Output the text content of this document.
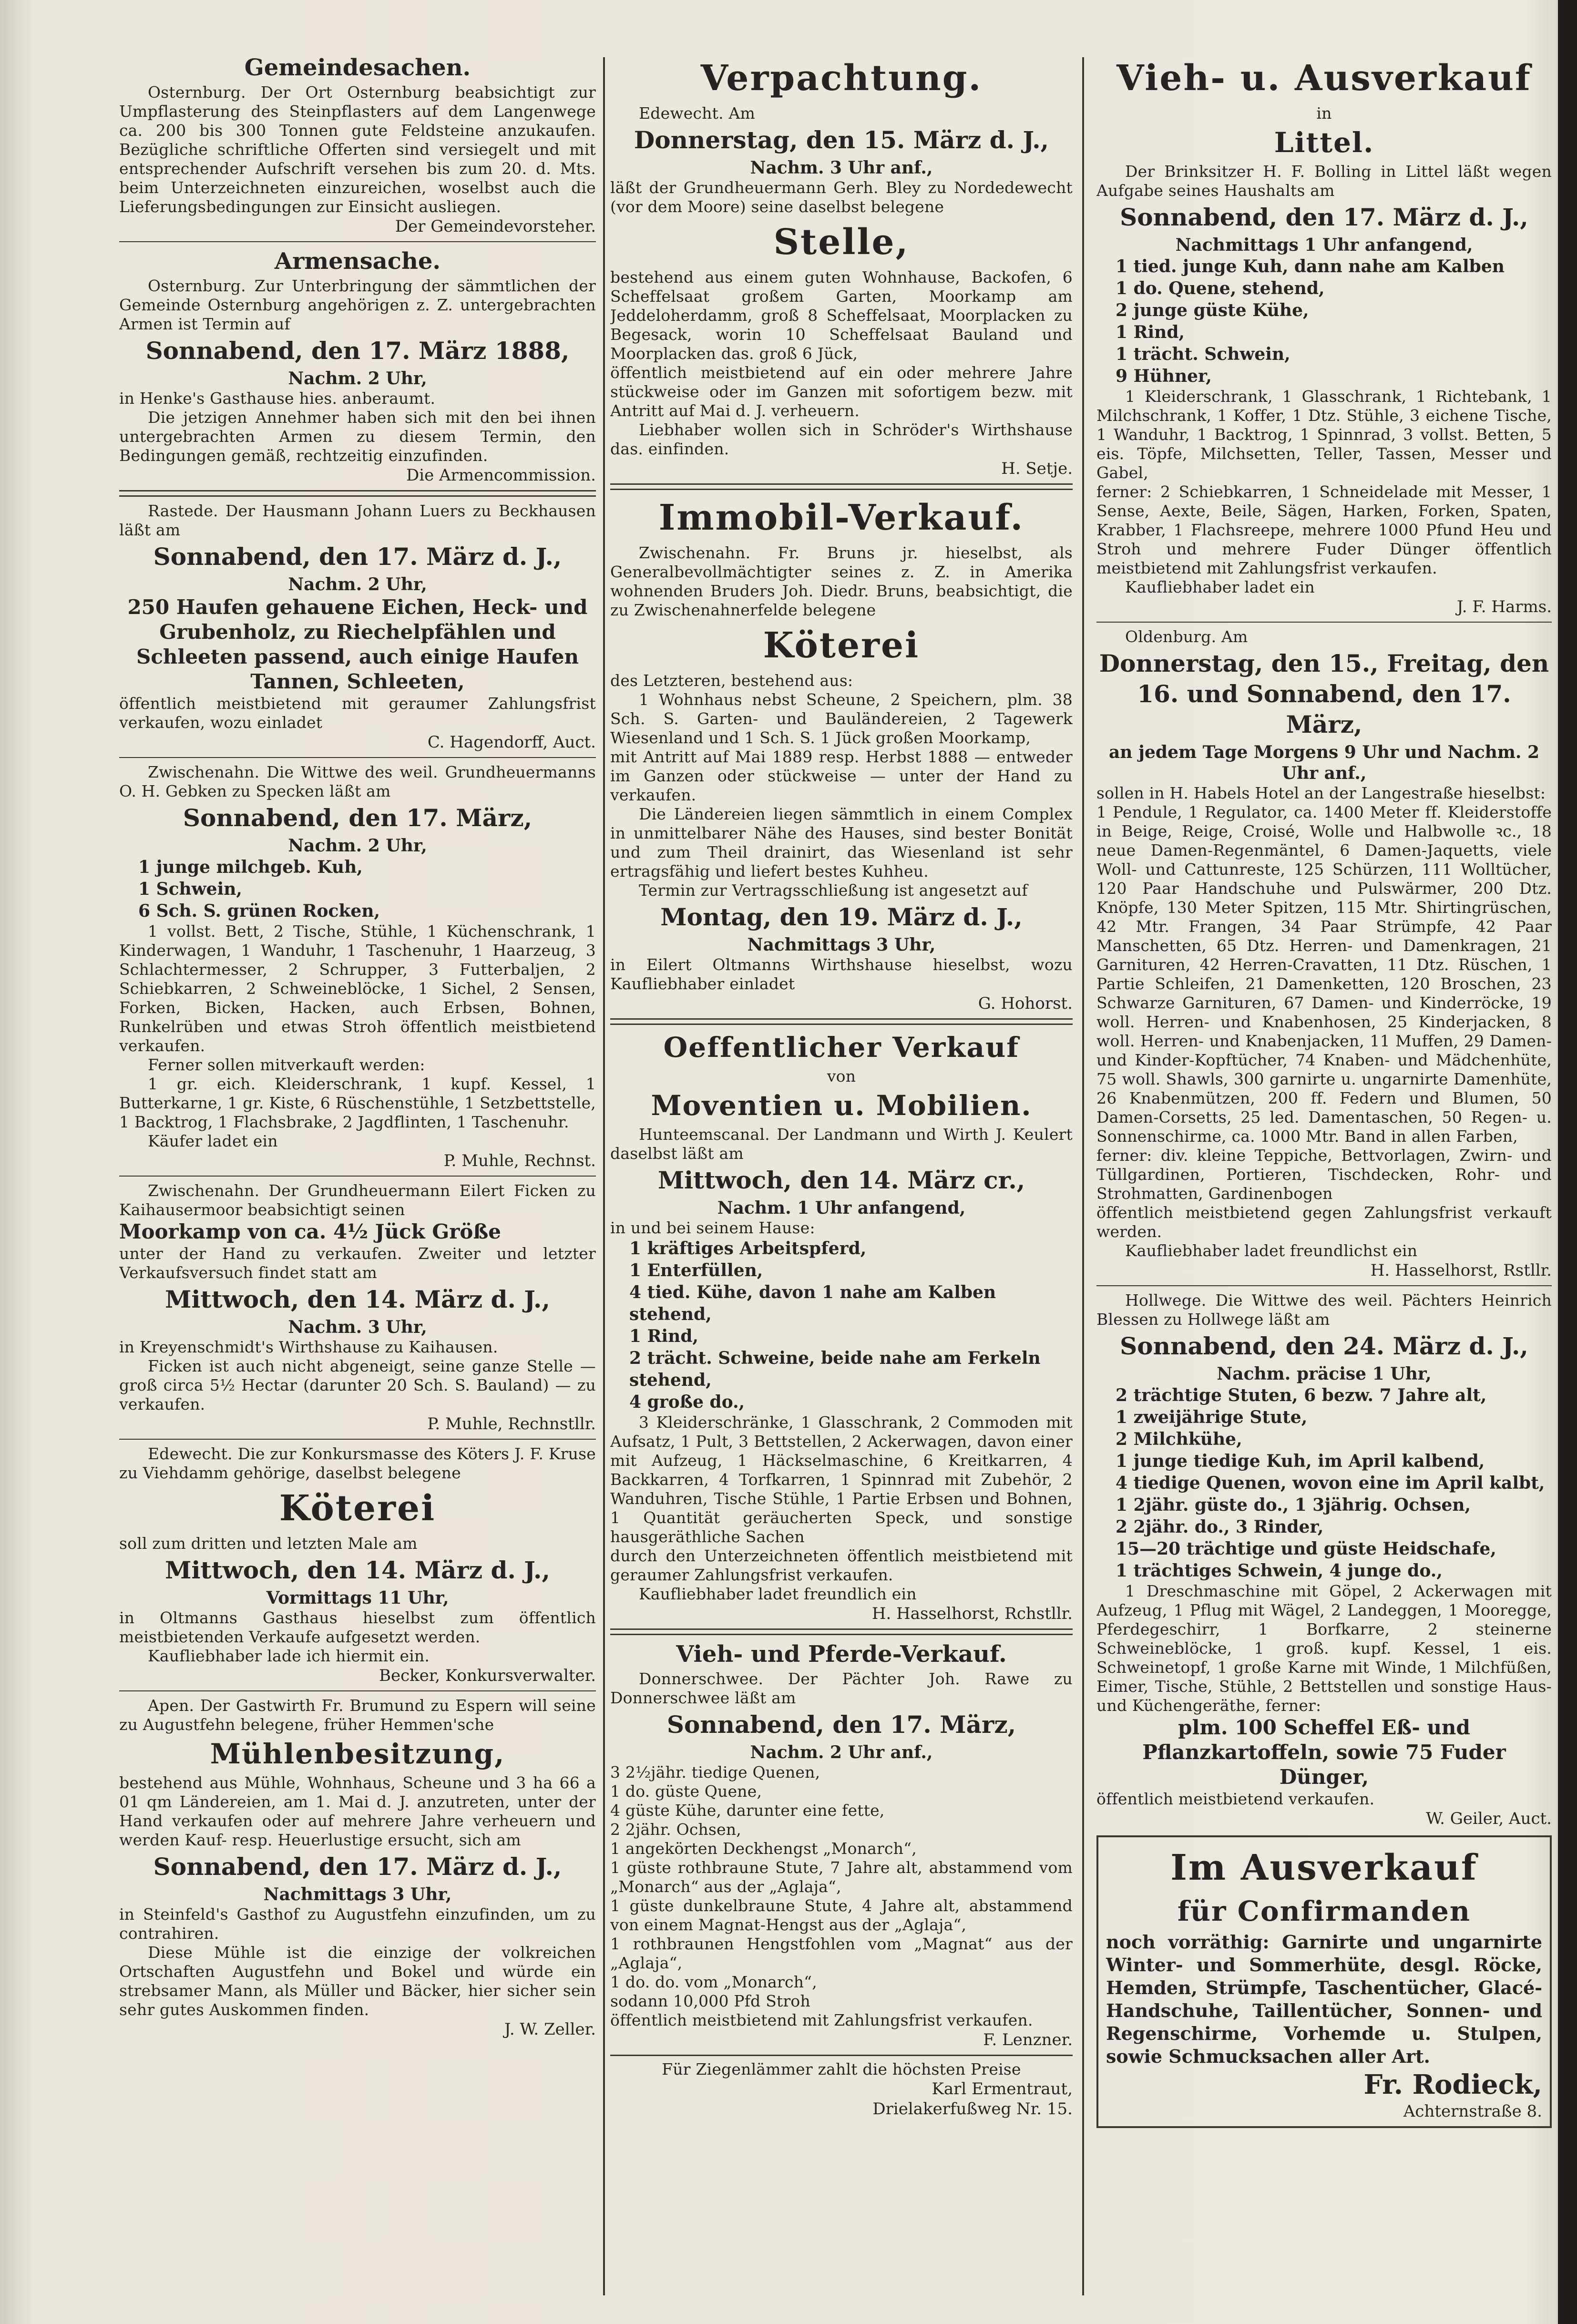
Gemeindesachen.

Osternburg. Der Ort Osternburg beabsichtigt zur Umpflasterung des Steinpflasters auf dem Langenwege ca. 200 bis 300 Tonnen gute Feldsteine anzukaufen. Bezügliche schriftliche Offerten sind versiegelt und mit entsprechender Aufschrift versehen bis zum 20. d. Mts. beim Unterzeichneten einzureichen, woselbst auch die Lieferungsbedingungen zur Einsicht ausliegen.

Der Gemeindevorsteher.
Armensache.

Osternburg. Zur Unterbringung der sämmtlichen der Gemeinde Osternburg angehörigen z. Z. untergebrachten Armen ist Termin auf

Sonnabend, den 17. März 1888,
Nachm. 2 Uhr,

in Henke's Gasthause hies. anberaumt.

Die jetzigen Annehmer haben sich mit den bei ihnen untergebrachten Armen zu diesem Termin, den Bedingungen gemäß, rechtzeitig einzufinden.

Die Armencommission.

Rastede. Der Hausmann Johann Luers zu Beckhausen läßt am

Sonnabend, den 17. März d. J.,
Nachm. 2 Uhr,

250 Haufen gehauene Eichen, Heck- und Grubenholz, zu Riechelpfählen und Schleeten passend, auch einige Haufen Tannen, Schleeten,

öffentlich meistbietend mit geraumer Zahlungsfrist verkaufen, wozu einladet

C. Hagendorff, Auct.

Zwischenahn. Die Wittwe des weil. Grundheuermanns O. H. Gebken zu Specken läßt am

Sonnabend, den 17. März,
Nachm. 2 Uhr,
1 junge milchgeb. Kuh,
1 Schwein,
6 Sch. S. grünen Rocken,

1 vollst. Bett, 2 Tische, Stühle, 1 Küchenschrank, 1 Kinderwagen, 1 Wanduhr, 1 Taschenuhr, 1 Haarzeug, 3 Schlachtermesser, 2 Schrupper, 3 Futterbaljen, 2 Schiebkarren, 2 Schweineblöcke, 1 Sichel, 2 Sensen, Forken, Bicken, Hacken, auch Erbsen, Bohnen, Runkelrüben und etwas Stroh öffentlich meistbietend verkaufen.

Ferner sollen mitverkauft werden:

1 gr. eich. Kleiderschrank, 1 kupf. Kessel, 1 Butterkarne, 1 gr. Kiste, 6 Rüschenstühle, 1 Setzbettstelle, 1 Backtrog, 1 Flachsbrake, 2 Jagdflinten, 1 Taschenuhr.

Käufer ladet ein

P. Muhle, Rechnst.

Zwischenahn. Der Grundheuermann Eilert Ficken zu Kaihausermoor beabsichtigt seinen

Moorkamp von ca. 4½ Jück Größe

unter der Hand zu verkaufen. Zweiter und letzter Verkaufsversuch findet statt am

Mittwoch, den 14. März d. J.,
Nachm. 3 Uhr,

in Kreyenschmidt's Wirthshause zu Kaihausen.

Ficken ist auch nicht abgeneigt, seine ganze Stelle — groß circa 5½ Hectar (darunter 20 Sch. S. Bauland) — zu verkaufen.

P. Muhle, Rechnstllr.

Edewecht. Die zur Konkursmasse des Köters J. F. Kruse zu Viehdamm gehörige, daselbst belegene

Köterei

soll zum dritten und letzten Male am

Mittwoch, den 14. März d. J.,
Vormittags 11 Uhr,

in Oltmanns Gasthaus hieselbst zum öffentlich meistbietenden Verkaufe aufgesetzt werden.

Kaufliebhaber lade ich hiermit ein.

Becker, Konkursverwalter.

Apen. Der Gastwirth Fr. Brumund zu Espern will seine zu Augustfehn belegene, früher Hemmen'sche

Mühlenbesitzung,

bestehend aus Mühle, Wohnhaus, Scheune und 3 ha 66 a 01 qm Ländereien, am 1. Mai d. J. anzutreten, unter der Hand verkaufen oder auf mehrere Jahre verheuern und werden Kauf- resp. Heuerlustige ersucht, sich am

Sonnabend, den 17. März d. J.,
Nachmittags 3 Uhr,

in Steinfeld's Gasthof zu Augustfehn einzufinden, um zu contrahiren.

Diese Mühle ist die einzige der volkreichen Ortschaften Augustfehn und Bokel und würde ein strebsamer Mann, als Müller und Bäcker, hier sicher sein sehr gutes Auskommen finden.

J. W. Zeller.
Verpachtung.

Edewecht. Am

Donnerstag, den 15. März d. J.,
Nachm. 3 Uhr anf.,

läßt der Grundheuermann Gerh. Bley zu Nordedewecht (vor dem Moore) seine daselbst belegene

Stelle,

bestehend aus einem guten Wohnhause, Backofen, 6 Scheffelsaat großem Garten, Moorkamp am Jeddeloherdamm, groß 8 Scheffelsaat, Moorplacken zu Begesack, worin 10 Scheffelsaat Bauland und Moorplacken das. groß 6 Jück,

öffentlich meistbietend auf ein oder mehrere Jahre stückweise oder im Ganzen mit sofortigem bezw. mit Antritt auf Mai d. J. verheuern.

Liebhaber wollen sich in Schröder's Wirthshause das. einfinden.

H. Setje.
Immobil-Verkauf.

Zwischenahn. Fr. Bruns jr. hieselbst, als Generalbevollmächtigter seines z. Z. in Amerika wohnenden Bruders Joh. Diedr. Bruns, beabsichtigt, die zu Zwischenahnerfelde belegene

Köterei

des Letzteren, bestehend aus:

1 Wohnhaus nebst Scheune, 2 Speichern, plm. 38 Sch. S. Garten- und Bauländereien, 2 Tagewerk Wiesenland und 1 Sch. S. 1 Jück großen Moorkamp,

mit Antritt auf Mai 1889 resp. Herbst 1888 — entweder im Ganzen oder stückweise — unter der Hand zu verkaufen.

Die Ländereien liegen sämmtlich in einem Complex in unmittelbarer Nähe des Hauses, sind bester Bonität und zum Theil drainirt, das Wiesenland ist sehr ertragsfähig und liefert bestes Kuhheu.

Termin zur Vertragsschließung ist angesetzt auf

Montag, den 19. März d. J.,
Nachmittags 3 Uhr,

in Eilert Oltmanns Wirthshause hieselbst, wozu Kaufliebhaber einladet

G. Hohorst.
Oeffentlicher Verkauf

von

Moventien u. Mobilien.

Hunteemscanal. Der Landmann und Wirth J. Keulert daselbst läßt am

Mittwoch, den 14. März cr.,
Nachm. 1 Uhr anfangend,

in und bei seinem Hause:

1 kräftiges Arbeitspferd,
1 Enterfüllen,
4 tied. Kühe, davon 1 nahe am Kalben stehend,
1 Rind,
2 trächt. Schweine, beide nahe am Ferkeln stehend,
4 große do.,

3 Kleiderschränke, 1 Glasschrank, 2 Commoden mit Aufsatz, 1 Pult, 3 Bettstellen, 2 Ackerwagen, davon einer mit Aufzeug, 1 Häckselmaschine, 6 Kreitkarren, 4 Backkarren, 4 Torfkarren, 1 Spinnrad mit Zubehör, 2 Wanduhren, Tische Stühle, 1 Partie Erbsen und Bohnen, 1 Quantität geräucherten Speck, und sonstige hausgeräthliche Sachen

durch den Unterzeichneten öffentlich meistbietend mit geraumer Zahlungsfrist verkaufen.

Kaufliebhaber ladet freundlich ein

H. Hasselhorst, Rchstllr.
Vieh- und Pferde-Verkauf.

Donnerschwee. Der Pächter Joh. Rawe zu Donnerschwee läßt am

Sonnabend, den 17. März,
Nachm. 2 Uhr anf.,

3 2½jähr. tiedige Quenen,

1 do. güste Quene,

4 güste Kühe, darunter eine fette,

2 2jähr. Ochsen,

1 angekörten Deckhengst „Monarch“,

1 güste rothbraune Stute, 7 Jahre alt, abstammend vom „Monarch“ aus der „Aglaja“,

1 güste dunkelbraune Stute, 4 Jahre alt, abstammend von einem Magnat-Hengst aus der „Aglaja“,

1 rothbraunen Hengstfohlen vom „Magnat“ aus der „Aglaja“,

1 do. do. vom „Monarch“,

sodann 10,000 Pfd Stroh

öffentlich meistbietend mit Zahlungsfrist verkaufen.

F. Lenzner.

Für Ziegenlämmer zahlt die höchsten Preise

Karl Ermentraut,
Drielakerfußweg Nr. 15.
Vieh- u. Ausverkauf

in

Littel.

Der Brinksitzer H. F. Bolling in Littel läßt wegen Aufgabe seines Haushalts am

Sonnabend, den 17. März d. J.,
Nachmittags 1 Uhr anfangend,
1 tied. junge Kuh, dann nahe am Kalben
1 do. Quene, stehend,
2 junge güste Kühe,
1 Rind,
1 trächt. Schwein,
9 Hühner,

1 Kleiderschrank, 1 Glasschrank, 1 Richtebank, 1 Milchschrank, 1 Koffer, 1 Dtz. Stühle, 3 eichene Tische, 1 Wanduhr, 1 Backtrog, 1 Spinnrad, 3 vollst. Betten, 5 eis. Töpfe, Milchsetten, Teller, Tassen, Messer und Gabel,

ferner: 2 Schiebkarren, 1 Schneidelade mit Messer, 1 Sense, Aexte, Beile, Sägen, Harken, Forken, Spaten, Krabber, 1 Flachsreepe, mehrere 1000 Pfund Heu und Stroh und mehrere Fuder Dünger öffentlich meistbietend mit Zahlungsfrist verkaufen.

Kaufliebhaber ladet ein

J. F. Harms.

Oldenburg. Am

Donnerstag, den 15., Freitag, den 16. und Sonnabend, den 17. März,
an jedem Tage Morgens 9 Uhr und Nachm. 2 Uhr anf.,

sollen in H. Habels Hotel an der Langestraße hieselbst:

1 Pendule, 1 Regulator, ca. 1400 Meter ff. Kleiderstoffe in Beige, Reige, Croisé, Wolle und Halbwolle ꝛc., 18 neue Damen-Regenmäntel, 6 Damen-Jaquetts, viele Woll- und Cattunreste, 125 Schürzen, 111 Wolltücher, 120 Paar Handschuhe und Pulswärmer, 200 Dtz. Knöpfe, 130 Meter Spitzen, 115 Mtr. Shirtingrüschen, 42 Mtr. Frangen, 34 Paar Strümpfe, 42 Paar Manschetten, 65 Dtz. Herren- und Damenkragen, 21 Garnituren, 42 Herren-Cravatten, 11 Dtz. Rüschen, 1 Partie Schleifen, 21 Damenketten, 120 Broschen, 23 Schwarze Garnituren, 67 Damen- und Kinderröcke, 19 woll. Herren- und Knabenhosen, 25 Kinderjacken, 8 woll. Herren- und Knabenjacken, 11 Muffen, 29 Damen- und Kinder-Kopftücher, 74 Knaben- und Mädchenhüte, 75 woll. Shawls, 300 garnirte u. ungarnirte Damenhüte, 26 Knabenmützen, 200 ff. Federn und Blumen, 50 Damen-Corsetts, 25 led. Damentaschen, 50 Regen- u. Sonnenschirme, ca. 1000 Mtr. Band in allen Farben,

ferner: div. kleine Teppiche, Bettvorlagen, Zwirn- und Tüllgardinen, Portieren, Tischdecken, Rohr- und Strohmatten, Gardinenbogen

öffentlich meistbietend gegen Zahlungsfrist verkauft werden.

Kaufliebhaber ladet freundlichst ein

H. Hasselhorst, Rstllr.

Hollwege. Die Wittwe des weil. Pächters Heinrich Blessen zu Hollwege läßt am

Sonnabend, den 24. März d. J.,
Nachm. präcise 1 Uhr,
2 trächtige Stuten, 6 bezw. 7 Jahre alt,
1 zweijährige Stute,
2 Milchkühe,
1 junge tiedige Kuh, im April kalbend,
4 tiedige Quenen, wovon eine im April kalbt,
1 2jähr. güste do., 1 3jährig. Ochsen,
2 2jähr. do., 3 Rinder,
15—20 trächtige und güste Heidschafe,
1 trächtiges Schwein, 4 junge do.,

1 Dreschmaschine mit Göpel, 2 Ackerwagen mit Aufzeug, 1 Pflug mit Wägel, 2 Landeggen, 1 Mooregge, Pferdegeschirr, 1 Borfkarre, 2 steinerne Schweineblöcke, 1 groß. kupf. Kessel, 1 eis. Schweinetopf, 1 große Karne mit Winde, 1 Milchfüßen, Eimer, Tische, Stühle, 2 Bettstellen und sonstige Haus- und Küchengeräthe, ferner:

plm. 100 Scheffel Eß- und Pflanzkartoffeln, sowie 75 Fuder Dünger,

öffentlich meistbietend verkaufen.

W. Geiler, Auct.
Im Ausverkauf
für Confirmanden

noch vorräthig: Garnirte und ungarnirte Winter- und Sommerhüte, desgl. Röcke, Hemden, Strümpfe, Taschentücher, Glacé-Handschuhe, Taillentücher, Sonnen- und Regenschirme, Vorhemde u. Stulpen, sowie Schmucksachen aller Art.

Fr. Rodieck,
Achternstraße 8.
